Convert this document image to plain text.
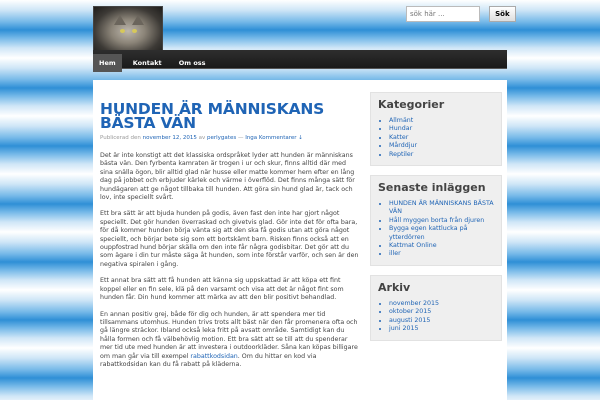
sök här ... Sök
Hem	Kontakt	Om oss
HUNDEN ÄR MÄNNISKANS BÄSTA VÄN
Publicerad den november 12, 2015 av perlygates — Inga Kommentarer ↓

Det är inte konstigt att det klassiska ordspråket lyder att hunden är människans bästa vän. Den fyrbenta kamraten är trogen i ur och skur, finns alltid där med sina snälla ögon, blir alltid glad när husse eller matte kommer hem efter en lång dag på jobbet och erbjuder kärlek och värme i överflöd. Det finns många sätt för hundägaren att ge något tillbaka till hunden. Att göra sin hund glad är, tack och lov, inte speciellt svårt.

Ett bra sätt är att bjuda hunden på godis, även fast den inte har gjort något speciellt. Det gör hunden överraskad och givetvis glad. Gör inte det för ofta bara, för då kommer hunden börja vänta sig att den ska få godis utan att göra något speciellt, och börjar bete sig som ett bortskämt barn. Risken finns också att en ouppfostrad hund börjar skälla om den inte får några godisbitar. Det gör att du som ägare i din tur måste säga åt hunden, som inte förstår varför, och sen är den negativa spiralen i gång.

Ett annat bra sätt att få hunden att känna sig uppskattad är att köpa ett fint koppel eller en fin sele, klä på den varsamt och visa att det är något fint som hunden får. Din hund kommer att märka av att den blir positivt behandlad.

En annan positiv grej, både för dig och hunden, är att spendera mer tid tillsammans utomhus. Hunden trivs trots allt bäst när den får promenera ofta och gå längre sträckor. Ibland också leka fritt på avsatt område. Samtidigt kan du hålla formen och få välbehövlig motion. Ett bra sätt att se till att du spenderar mer tid ute med hunden är att investera i outdoorkläder. Såna kan köpas billigare om man går via till exempel rabattkodsidan. Om du hittar en kod via rabattkodsidan kan du få rabatt på kläderna.

Kategorier
• Allmänt
• Hundar
• Katter
• Mårddjur
• Reptiler
Senaste inläggen
• HUNDEN ÄR MÄNNISKANS BÄSTA VÄN
• Håll myggen borta från djuren
• Bygga egen kattlucka på ytterdörren
• Kattmat Online
• iller
Arkiv
• november 2015
• oktober 2015
• augusti 2015
• juni 2015
